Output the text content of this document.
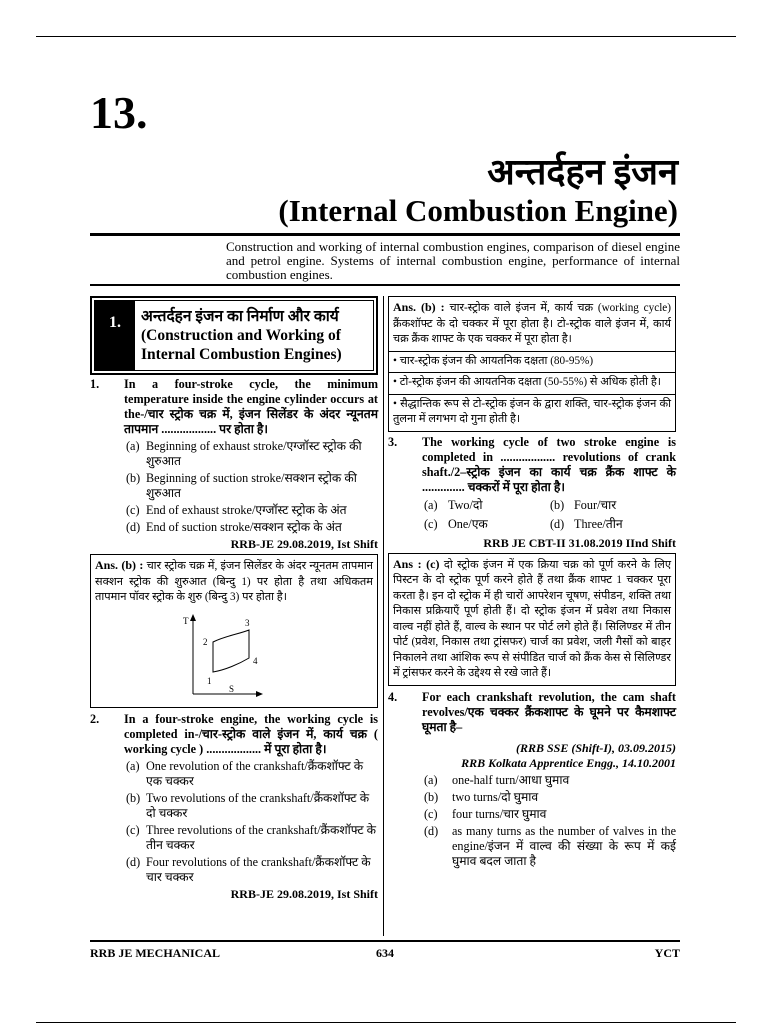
13.
अन्तर्दहन इंजन
(Internal Combustion Engine)
Construction and working of internal combustion engines, comparison of diesel engine and petrol engine. Systems of internal combustion engine, performance of internal combustion engines.
1.	अन्तर्दहन इंजन का निर्माण और कार्य
(Construction and Working of Internal Combustion Engines)
1.	In a four-stroke cycle, the minimum temperature inside the engine cylinder occurs at the-/चार स्ट्रोक चक्र में, इंजन सिलेंडर के अंदर न्यूनतम तापमान .................. पर होता है।
(a) Beginning of exhaust stroke/एग्जॉस्ट स्ट्रोक की शुरुआत
(b) Beginning of suction stroke/सक्शन स्ट्रोक की शुरुआत
(c) End of exhaust stroke/एग्जॉस्ट स्ट्रोक के अंत
(d) End of suction stroke/सक्शन स्ट्रोक के अंत
RRB-JE 29.08.2019, Ist Shift
Ans. (b) : चार स्ट्रोक चक्र में, इंजन सिलेंडर के अंदर न्यूनतम तापमान सक्शन स्ट्रोक की शुरुआत (बिन्दु 1) पर होता है तथा अधिकतम तापमान पॉवर स्ट्रोक के शुरु (बिन्दु 3) पर होता है।
T
S
2
3
4
1
2.	In a four-stroke engine, the working cycle is completed in-/चार-स्ट्रोक वाले इंजन में, कार्य चक्र ( working cycle ) .................. में पूरा होता है।
(a) One revolution of the crankshaft/क्रैंकशॉफ्ट के एक चक्कर
(b) Two revolutions of the crankshaft/क्रैंकशॉफ्ट के दो चक्कर
(c) Three revolutions of the crankshaft/क्रैंकशॉफ्ट के तीन चक्कर
(d) Four revolutions of the crankshaft/क्रैंकशॉफ्ट के चार चक्कर
RRB-JE 29.08.2019, Ist Shift
Ans. (b) : चार-स्ट्रोक वाले इंजन में, कार्य चक्र (working cycle) क्रैंकशॉफ्ट के दो चक्कर में पूरा होता है। टो-स्ट्रोक वाले इंजन में, कार्य चक्र क्रैंक शाफ्ट के एक चक्कर में पूरा होता है।
• चार-स्ट्रोक इंजन की आयतनिक दक्षता (80-95%)
• टो-स्ट्रोक इंजन की आयतनिक दक्षता (50-55%) से अधिक होती है।
• सैद्धान्तिक रूप से टो-स्ट्रोक इंजन के द्वारा शक्ति, चार-स्ट्रोक इंजन की तुलना में लगभग दो गुना होती है।
3.	The working cycle of two stroke engine is completed in .................. revolutions of crank shaft./2–स्ट्रोक इंजन का कार्य चक्र क्रैंक शाफ्ट के .............. चक्करों में पूरा होता है।
(a) Two/दो	(b) Four/चार
(c) One/एक	(d) Three/तीन
RRB JE CBT-II 31.08.2019 IInd Shift
Ans : (c) दो स्ट्रोक इंजन में एक क्रिया चक्र को पूर्ण करने के लिए पिस्टन के दो स्ट्रोक पूर्ण करने होते हैं तथा क्रैंक शाफ्ट 1 चक्कर पूरा करता है। इन दो स्ट्रोक में ही चारों आपरेशन चूषण, संपीडन, शक्ति तथा निकास प्रक्रियाएँ पूर्ण होती हैं। दो स्ट्रोक इंजन में प्रवेश तथा निकास वाल्व नहीं होते हैं, वाल्व के स्थान पर पोर्ट लगे होते हैं। सिलिण्डर में तीन पोर्ट (प्रवेश, निकास तथा ट्रांसफर) चार्ज का प्रवेश, जली गैसों को बाहर निकालने तथा आंशिक रूप से संपीडित चार्ज को क्रैंक केस से सिलिण्डर में ट्रांसफर करने के उद्देश्य से रखे जाते हैं।
4.	For each crankshaft revolution, the cam shaft revolves/एक चक्कर क्रैंकशाफ्ट के घूमने पर कैमशाफ्ट घूमता है–
(RRB SSE (Shift-I), 03.09.2015)
RRB Kolkata Apprentice Engg., 14.10.2001
(a)	one-half turn/आधा घुमाव
(b)	two turns/दो घुमाव
(c)	four turns/चार घुमाव
(d)	as many turns as the number of valves in the engine/इंजन में वाल्व की संख्या के रूप में कई घुमाव बदल जाता है
RRB JE MECHANICAL	634	YCT
